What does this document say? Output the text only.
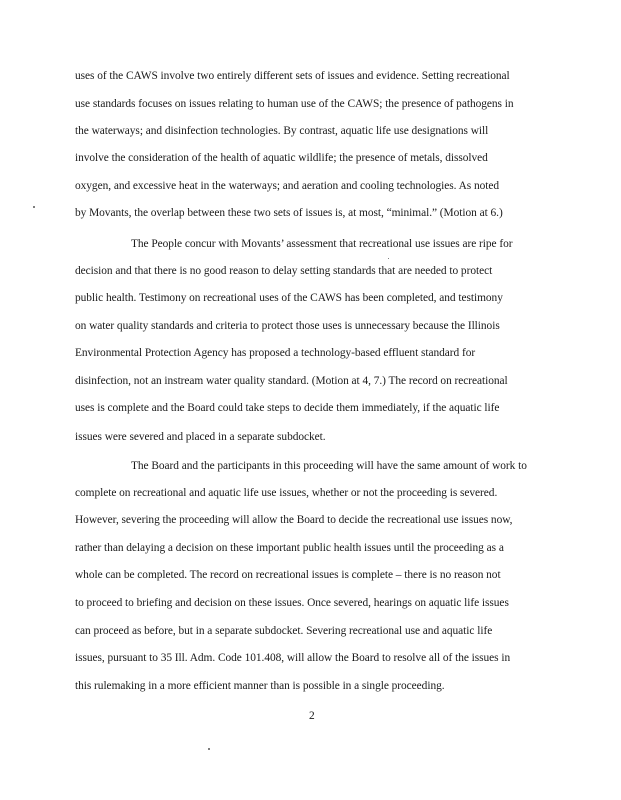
uses of the CAWS involve two entirely different sets of issues and evidence. Setting recreational
use standards focuses on issues relating to human use of the CAWS; the presence of pathogens in
the waterways; and disinfection technologies. By contrast, aquatic life use designations will
involve the consideration of the health of aquatic wildlife; the presence of metals, dissolved
oxygen, and excessive heat in the waterways; and aeration and cooling technologies. As noted
by Movants, the overlap between these two sets of issues is, at most, “minimal.” (Motion at 6.)
The People concur with Movants’ assessment that recreational use issues are ripe for
decision and that there is no good reason to delay setting standards that are needed to protect
public health. Testimony on recreational uses of the CAWS has been completed, and testimony
on water quality standards and criteria to protect those uses is unnecessary because the Illinois
Environmental Protection Agency has proposed a technology-based effluent standard for
disinfection, not an instream water quality standard. (Motion at 4, 7.) The record on recreational
uses is complete and the Board could take steps to decide them immediately, if the aquatic life
issues were severed and placed in a separate subdocket.
The Board and the participants in this proceeding will have the same amount of work to
complete on recreational and aquatic life use issues, whether or not the proceeding is severed.
However, severing the proceeding will allow the Board to decide the recreational use issues now,
rather than delaying a decision on these important public health issues until the proceeding as a
whole can be completed. The record on recreational issues is complete – there is no reason not
to proceed to briefing and decision on these issues. Once severed, hearings on aquatic life issues
can proceed as before, but in a separate subdocket. Severing recreational use and aquatic life
issues, pursuant to 35 Ill. Adm. Code 101.408, will allow the Board to resolve all of the issues in
this rulemaking in a more efficient manner than is possible in a single proceeding.
2
